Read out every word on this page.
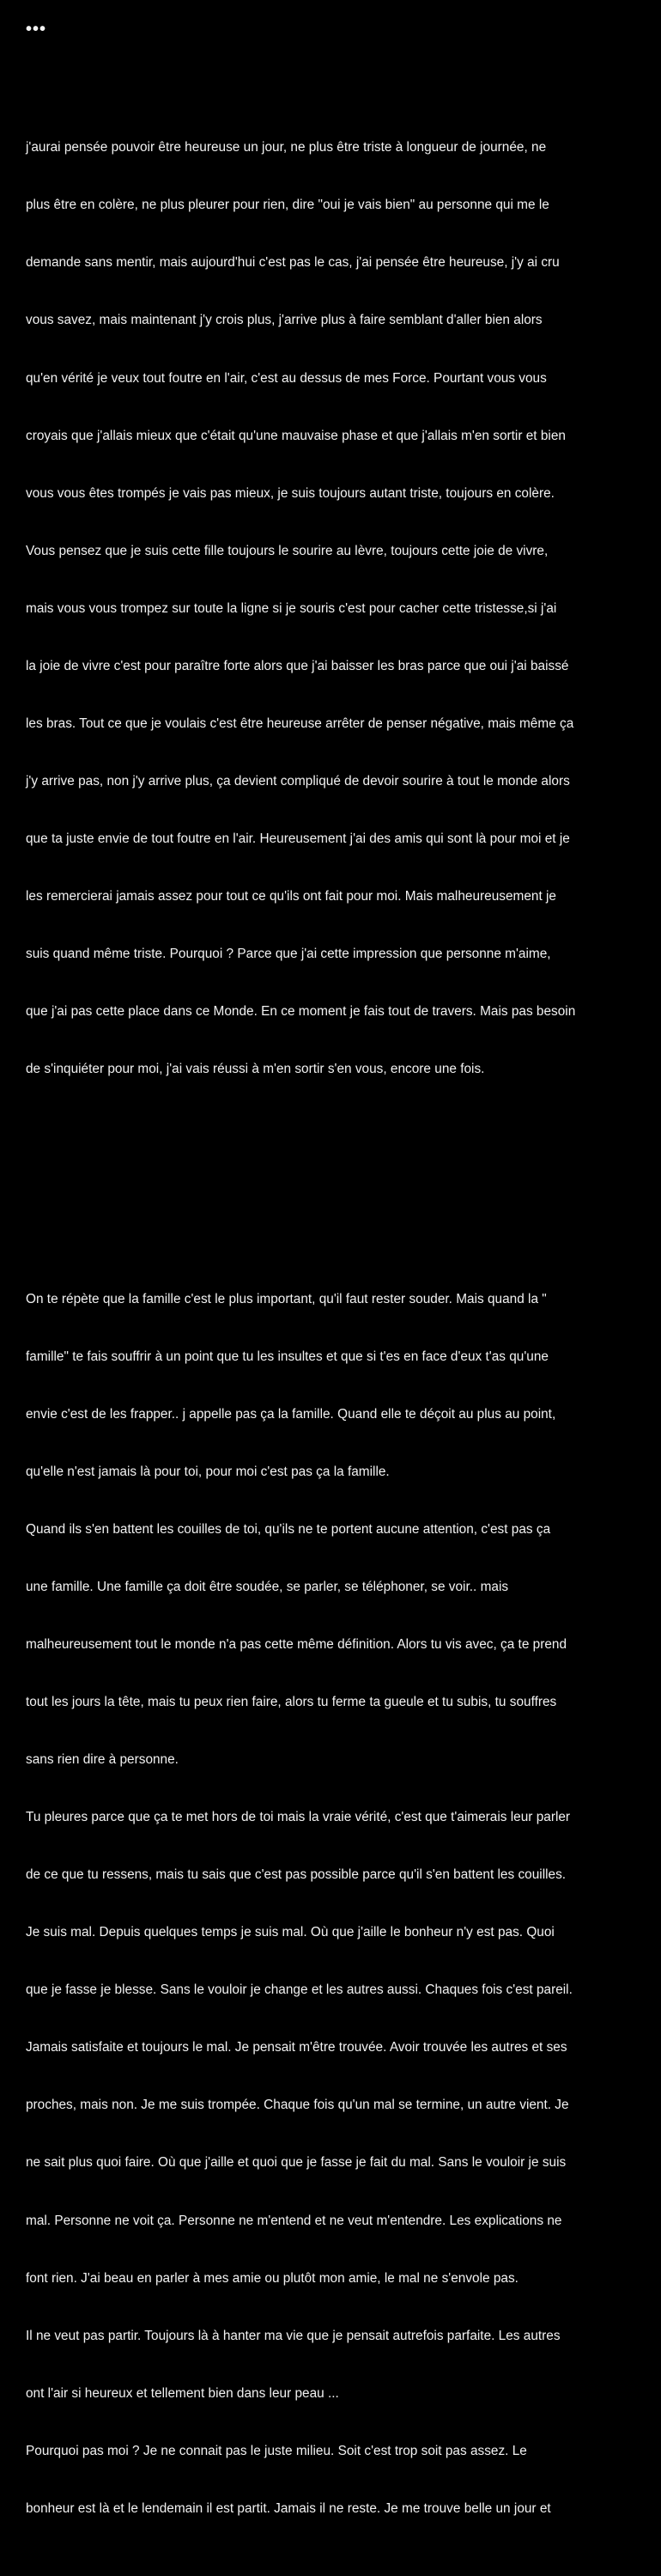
•••

j'aurai pensée pouvoir être heureuse un jour, ne plus être triste à longueur de journée, ne

plus être en colère, ne plus pleurer pour rien, dire "oui je vais bien" au personne qui me le

demande sans mentir, mais aujourd'hui c'est pas le cas, j'ai pensée être heureuse, j'y ai cru

vous savez, mais maintenant j'y crois plus, j'arrive plus à faire semblant d'aller bien alors

qu'en vérité je veux tout foutre en l'air, c'est au dessus de mes Force. Pourtant vous vous

croyais que j'allais mieux que c'était qu'une mauvaise phase et que j'allais m'en sortir et bien

vous vous êtes trompés je vais pas mieux, je suis toujours autant triste, toujours en colère.

Vous pensez que je suis cette fille toujours le sourire au lèvre, toujours cette joie de vivre,

mais vous vous trompez sur toute la ligne si je souris c'est pour cacher cette tristesse,si j'ai

la joie de vivre c'est pour paraître forte alors que j'ai baisser les bras parce que oui j'ai baissé

les bras. Tout ce que je voulais c'est être heureuse arrêter de penser négative, mais même ça

j'y arrive pas, non j'y arrive plus, ça devient compliqué de devoir sourire à tout le monde alors

que ta juste envie de tout foutre en l'air. Heureusement j'ai des amis qui sont là pour moi et je

les remercierai jamais assez pour tout ce qu'ils ont fait pour moi. Mais malheureusement je

suis quand même triste. Pourquoi ? Parce que j'ai cette impression que personne m'aime,

que j'ai pas cette place dans ce Monde. En ce moment je fais tout de travers. Mais pas besoin

de s'inquiéter pour moi, j'ai vais réussi à m'en sortir s'en vous, encore une fois.

On te répète que la famille c'est le plus important, qu'il faut rester souder. Mais quand la "

famille" te fais souffrir à un point que tu les insultes et que si t'es en face d'eux t'as qu'une

envie c'est de les frapper.. j appelle pas ça la famille. Quand elle te déçoit au plus au point,

qu'elle n'est jamais là pour toi, pour moi c'est pas ça la famille.

Quand ils s'en battent les couilles de toi, qu'ils ne te portent aucune attention, c'est pas ça

une famille. Une famille ça doit être soudée, se parler, se téléphoner, se voir.. mais

malheureusement tout le monde n'a pas cette même définition. Alors tu vis avec, ça te prend

tout les jours la tête, mais tu peux rien faire, alors tu ferme ta gueule et tu subis, tu souffres

sans rien dire à personne.

Tu pleures parce que ça te met hors de toi mais la vraie vérité, c'est que t'aimerais leur parler

de ce que tu ressens, mais tu sais que c'est pas possible parce qu'il s'en battent les couilles.

Je suis mal. Depuis quelques temps je suis mal. Où que j'aille le bonheur n'y est pas. Quoi

que je fasse je blesse. Sans le vouloir je change et les autres aussi. Chaques fois c'est pareil.

Jamais satisfaite et toujours le mal. Je pensait m'être trouvée. Avoir trouvée les autres et ses

proches, mais non. Je me suis trompée. Chaque fois qu'un mal se termine, un autre vient. Je

ne sait plus quoi faire. Où que j'aille et quoi que je fasse je fait du mal. Sans le vouloir je suis

mal. Personne ne voit ça. Personne ne m'entend et ne veut m'entendre. Les explications ne

font rien. J'ai beau en parler à mes amie ou plutôt mon amie, le mal ne s'envole pas.

Il ne veut pas partir. Toujours là à hanter ma vie que je pensait autrefois parfaite. Les autres

ont l'air si heureux et tellement bien dans leur peau ...

Pourquoi pas moi ? Je ne connait pas le juste milieu. Soit c'est trop soit pas assez. Le

bonheur est là et le lendemain il est partit. Jamais il ne reste. Je me trouve belle un jour et
